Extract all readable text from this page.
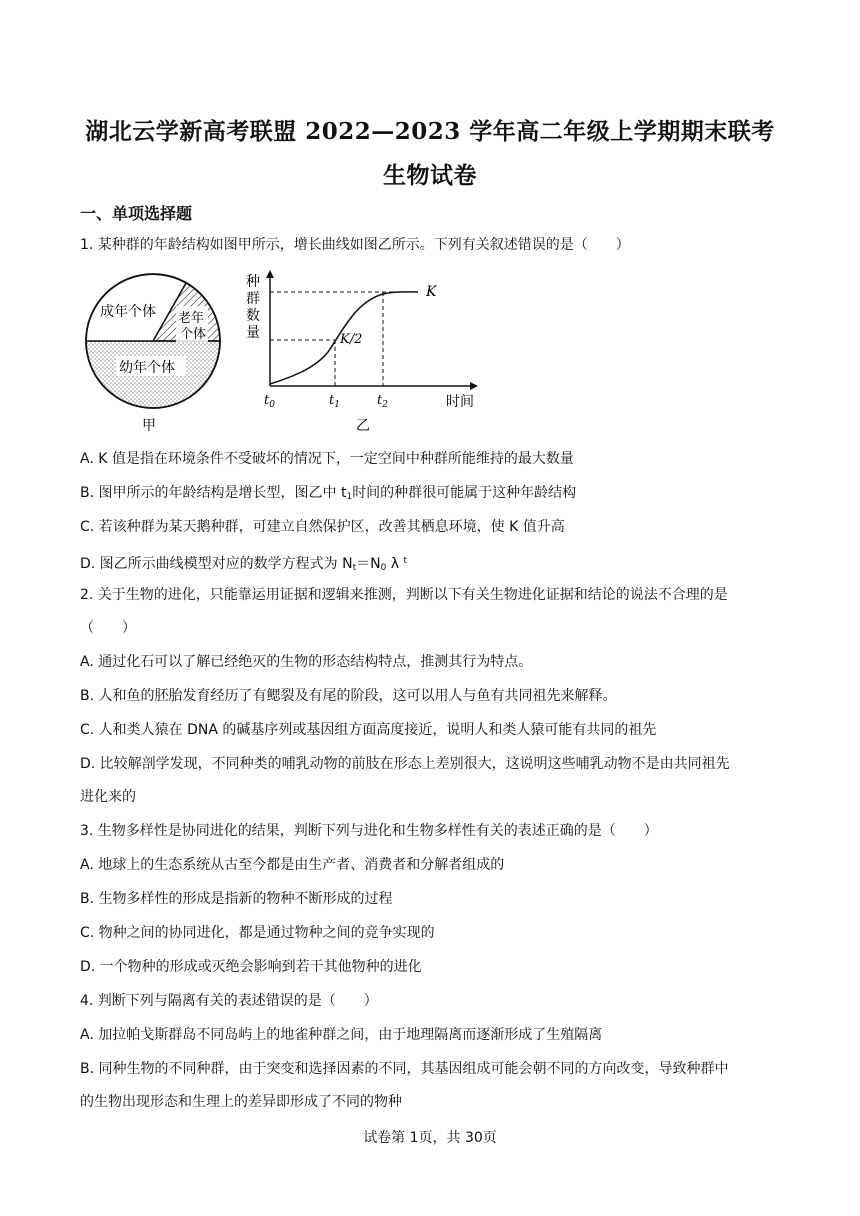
湖北云学新高考联盟 2022—2023 学年高二年级上学期期末联考
生物试卷
一、单项选择题
1. 某种群的年龄结构如图甲所示，增长曲线如图乙所示。下列有关叙述错误的是（　　）
成年个体 老年
个体
幼年个体
甲
种
群
数
量
K
K/2
$t_0$	$t_1$	$t_2$	时间
乙
A. K 值是指在环境条件不受破坏的情况下，一定空间中种群所能维持的最大数量
B. 图甲所示的年龄结构是增长型，图乙中 $t_1$时间的种群很可能属于这种年龄结构
C. 若该种群为某天鹅种群，可建立自然保护区，改善其栖息环境，使 K 值升高
D. 图乙所示曲线模型对应的数学方程式为 $N_t=N_0$ λ $^t$
2. 关于生物的进化，只能靠运用证据和逻辑来推测，判断以下有关生物进化证据和结论的说法不合理的是
（　　）
A. 通过化石可以了解已经绝灭的生物的形态结构特点，推测其行为特点。
B. 人和鱼的胚胎发育经历了有鳃裂及有尾的阶段，这可以用人与鱼有共同祖先来解释。
C. 人和类人猿在 DNA 的碱基序列或基因组方面高度接近，说明人和类人猿可能有共同的祖先
D. 比较解剖学发现，不同种类的哺乳动物的前肢在形态上差别很大，这说明这些哺乳动物不是由共同祖先
进化来的
3. 生物多样性是协同进化的结果，判断下列与进化和生物多样性有关的表述正确的是（　　）
A. 地球上的生态系统从古至今都是由生产者、消费者和分解者组成的
B. 生物多样性的形成是指新的物种不断形成的过程
C. 物种之间的协同进化，都是通过物种之间的竞争实现的
D. 一个物种的形成或灭绝会影响到若干其他物种的进化
4. 判断下列与隔离有关的表述错误的是（　　）
A. 加拉帕戈斯群岛不同岛屿上的地雀种群之间，由于地理隔离而逐渐形成了生殖隔离
B. 同种生物的不同种群，由于突变和选择因素的不同，其基因组成可能会朝不同的方向改变，导致种群中
的生物出现形态和生理上的差异即形成了不同的物种
试卷第 1页，共 30页
